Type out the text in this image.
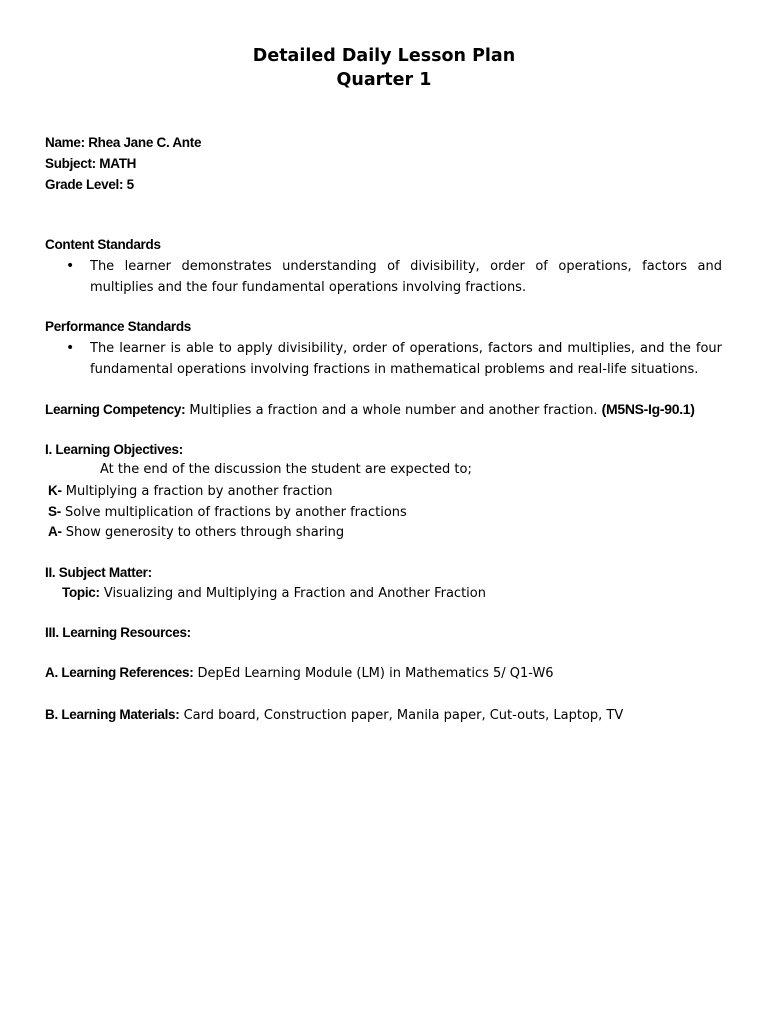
Detailed Daily Lesson Plan
Quarter 1
Name: Rhea Jane C. Ante
Subject: MATH
Grade Level: 5
Content Standards
• The learner demonstrates understanding of divisibility, order of operations, factors and multiplies and the four fundamental operations involving fractions.
Performance Standards
• The learner is able to apply divisibility, order of operations, factors and multiplies, and the four fundamental operations involving fractions in mathematical problems and real-life situations.
Learning Competency: Multiplies a fraction and a whole number and another fraction. (M5NS-Ig-90.1)
I. Learning Objectives:
At the end of the discussion the student are expected to;
K- Multiplying a fraction by another fraction
S- Solve multiplication of fractions by another fractions
A- Show generosity to others through sharing
II. Subject Matter:
Topic: Visualizing and Multiplying a Fraction and Another Fraction
III. Learning Resources:
A. Learning References: DepEd Learning Module (LM) in Mathematics 5/ Q1-W6
B. Learning Materials: Card board, Construction paper, Manila paper, Cut-outs, Laptop, TV
